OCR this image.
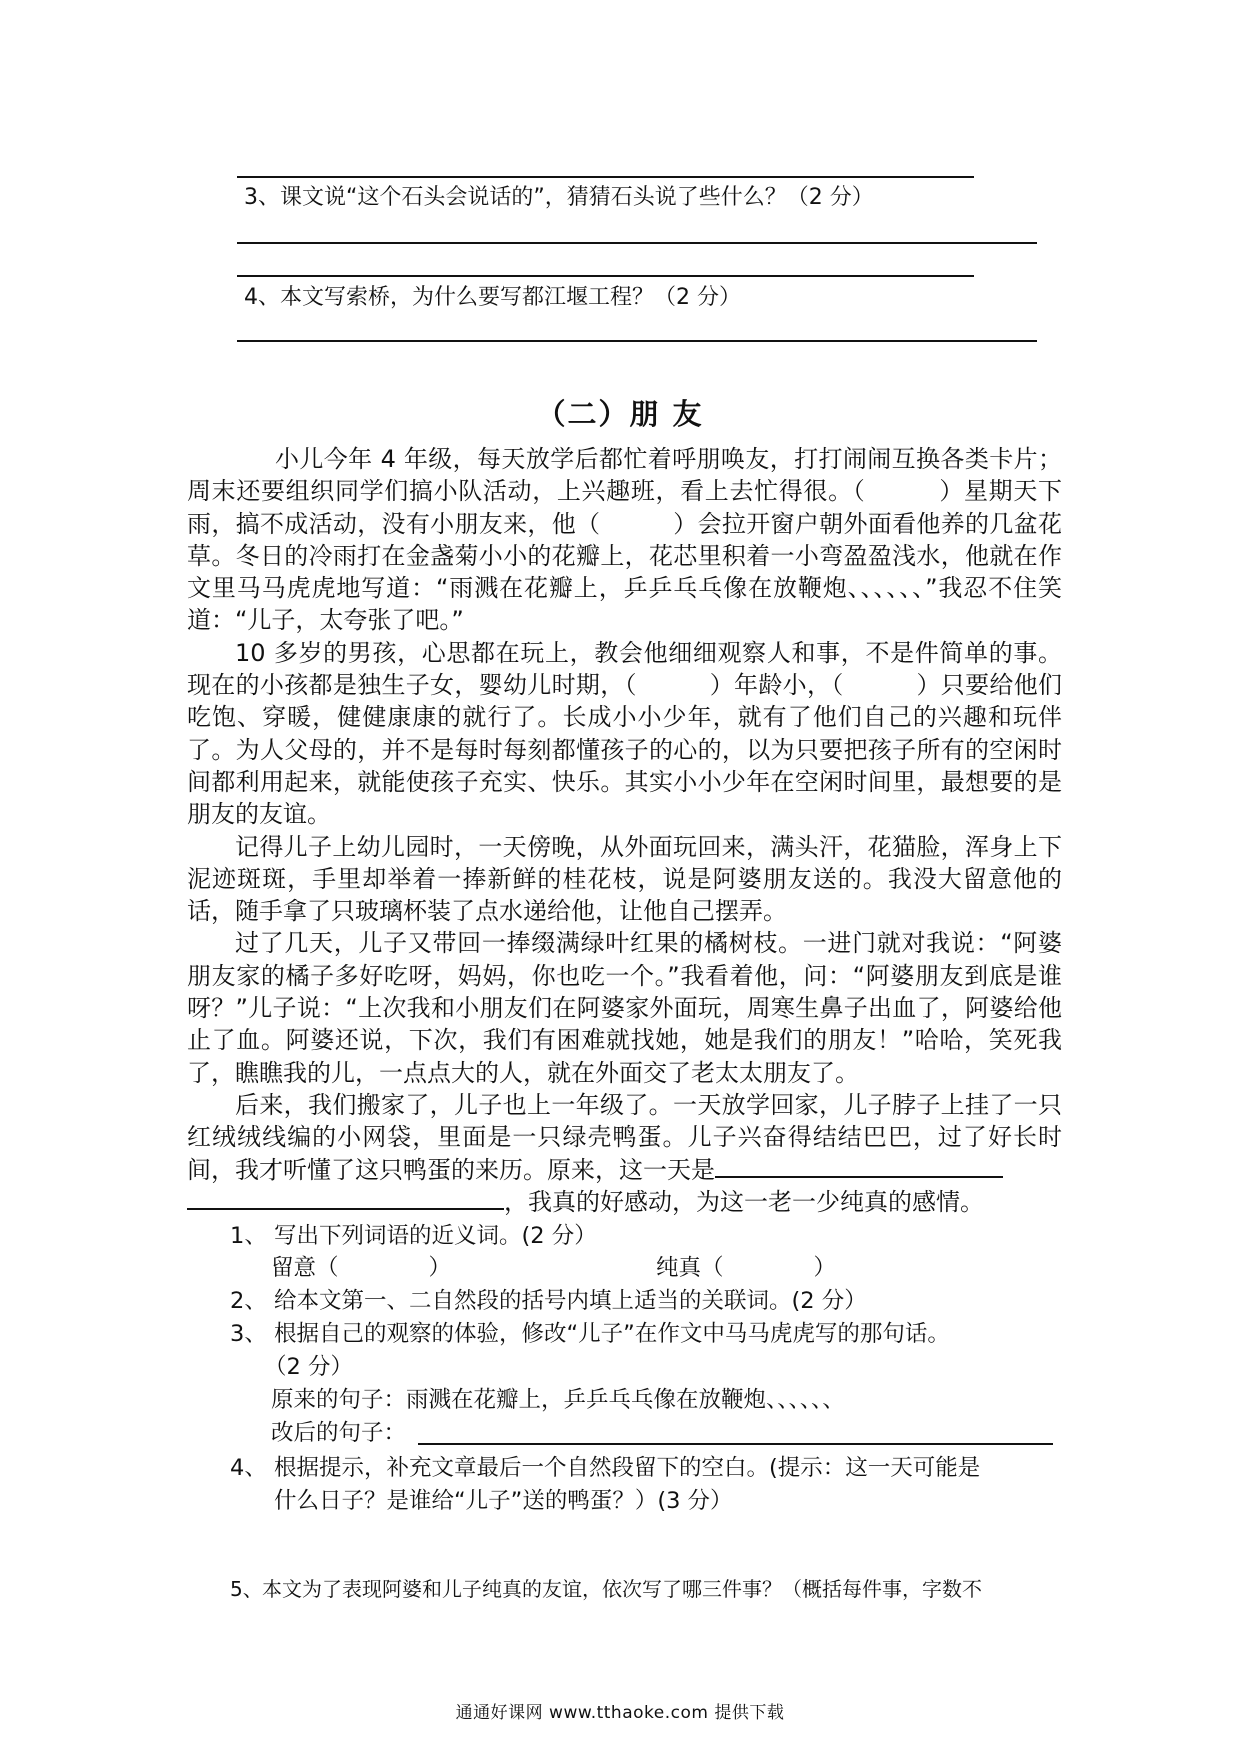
3、课文说“这个石头会说话的”，猜猜石头说了些什么？（2 分）
4、本文写索桥，为什么要写都江堰工程？（2 分）
（二）朋 友

小儿今年 4 年级，每天放学后都忙着呼朋唤友，打打闹闹互换各类卡片；周末还要组织同学们搞小队活动，上兴趣班，看上去忙得很。（　　　）星期天下雨，搞不成活动，没有小朋友来，他（　　　）会拉开窗户朝外面看他养的几盆花草。冬日的冷雨打在金盏菊小小的花瓣上，花芯里积着一小弯盈盈浅水，他就在作文里马马虎虎地写道：“雨溅在花瓣上，乒乒乓乓像在放鞭炮、、、、、、”我忍不住笑道：“儿子，太夸张了吧。”

10 多岁的男孩，心思都在玩上，教会他细细观察人和事，不是件简单的事。现在的小孩都是独生子女，婴幼儿时期，（　　　）年龄小，（　　　）只要给他们吃饱、穿暖，健健康康的就行了。长成小小少年，就有了他们自己的兴趣和玩伴了。为人父母的，并不是每时每刻都懂孩子的心的，以为只要把孩子所有的空闲时间都利用起来，就能使孩子充实、快乐。其实小小少年在空闲时间里，最想要的是朋友的友谊。

记得儿子上幼儿园时，一天傍晚，从外面玩回来，满头汗，花猫脸，浑身上下泥迹斑斑，手里却举着一捧新鲜的桂花枝，说是阿婆朋友送的。我没大留意他的话，随手拿了只玻璃杯装了点水递给他，让他自己摆弄。

过了几天，儿子又带回一捧缀满绿叶红果的橘树枝。一进门就对我说：“阿婆朋友家的橘子多好吃呀，妈妈，你也吃一个。”我看着他，问：“阿婆朋友到底是谁呀？”儿子说：“上次我和小朋友们在阿婆家外面玩，周寒生鼻子出血了，阿婆给他止了血。阿婆还说，下次，我们有困难就找她，她是我们的朋友！”哈哈，笑死我了，瞧瞧我的儿，一点点大的人，就在外面交了老太太朋友了。

后来，我们搬家了，儿子也上一年级了。一天放学回家，儿子脖子上挂了一只红绒绒线编的小网袋，里面是一只绿壳鸭蛋。儿子兴奋得结结巴巴，过了好长时间，我才听懂了这只鸭蛋的来历。原来，这一天是

，我真的好感动，为这一老一少纯真的感情。
1、 写出下列词语的近义词。(2 分）
留意（　　　　）	纯真（　　　　）
2、 给本文第一、二自然段的括号内填上适当的关联词。(2 分）
3、 根据自己的观察的体验，修改“儿子”在作文中马马虎虎写的那句话。
（2 分）
原来的句子：雨溅在花瓣上，乒乒乓乓像在放鞭炮、、、、、、
改后的句子：
4、 根据提示，补充文章最后一个自然段留下的空白。(提示：这一天可能是
什么日子？是谁给“儿子”送的鸭蛋？）(3 分）
5、 本文为了表现阿婆和儿子纯真的友谊，依次写了哪三件事？（概括每件事，字数不
通通好课网 www.tthaoke.com 提供下载
